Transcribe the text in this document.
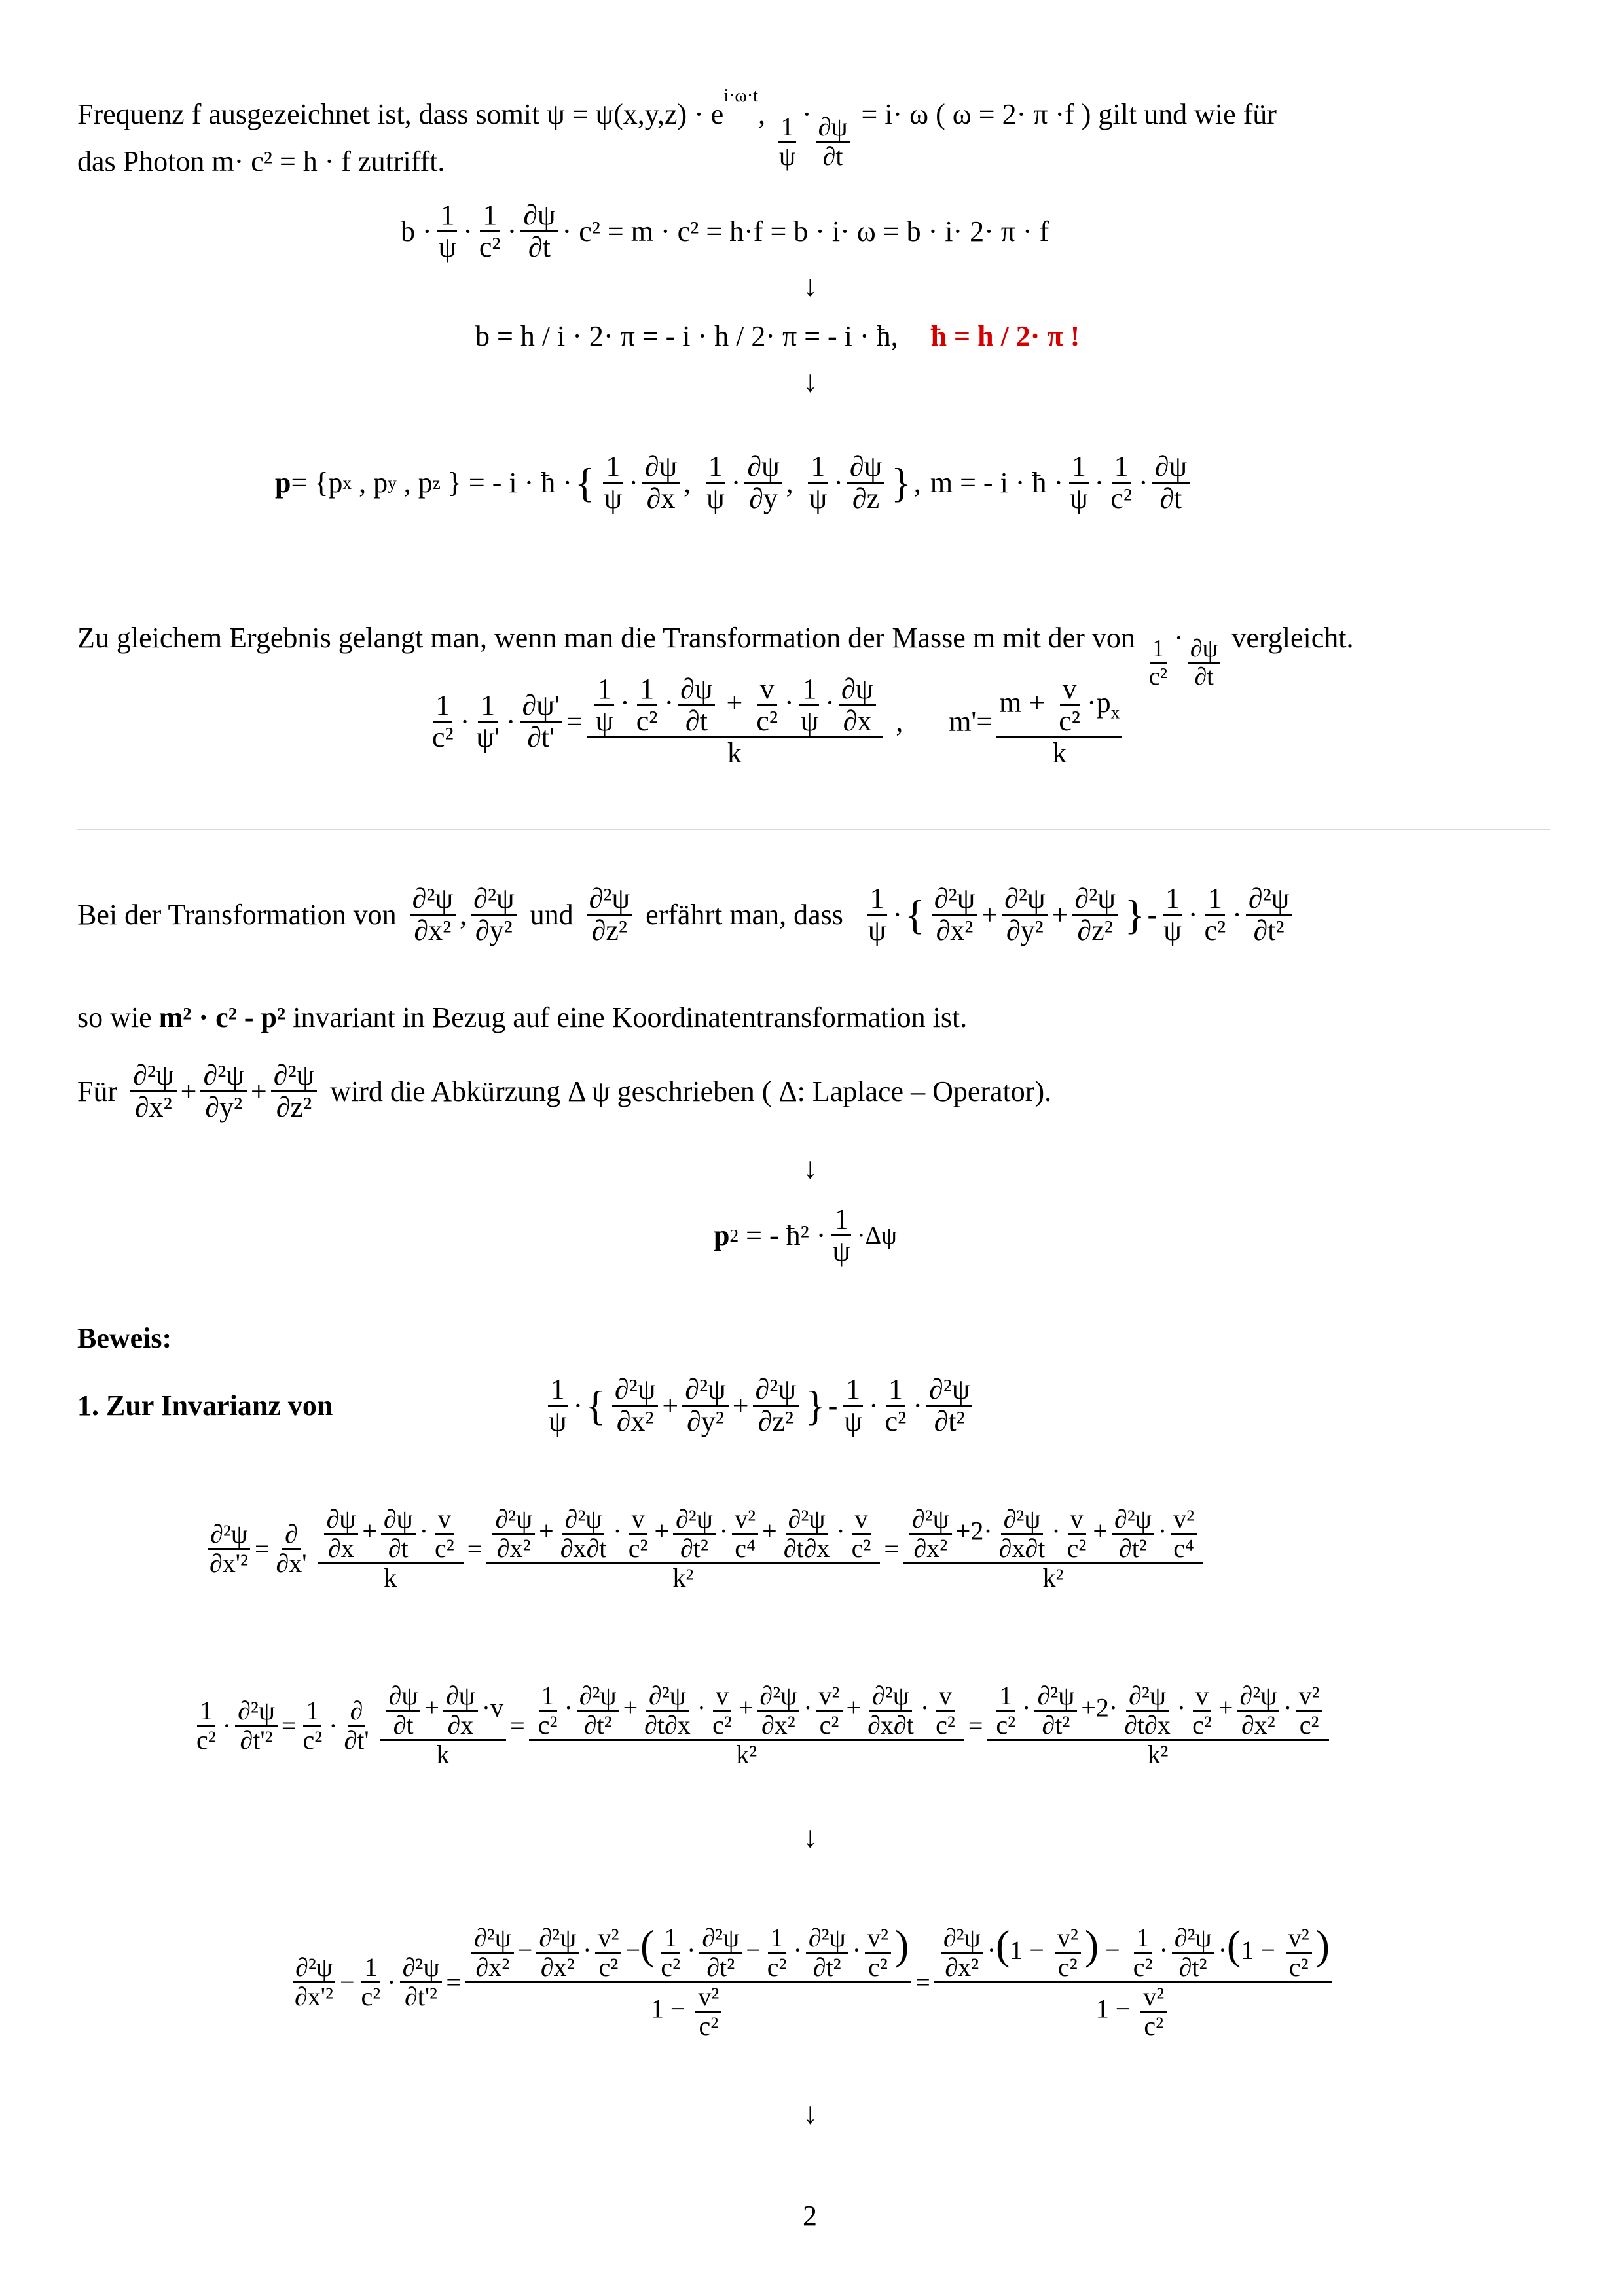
Frequenz f ausgezeichnet ist, dass somit $\psi = \psi(x,y,z) \cdot e^{i\cdot\omega\cdot t}$, $\frac{1}{\psi} \cdot \frac{\partial\psi}{\partial t} = i\cdot \omega$ ( ω = 2· π ·f ) gilt und wie für
das Photon m· c² = h · f zutrifft.
$b \cdot \frac{1}{\psi} \cdot \frac{1}{\text{c²}} \cdot \frac{\partial\psi}{\partial t} \cdot c^2 = m \cdot c^2 = h\cdot f = b \cdot i\cdot \omega = b \cdot i\cdot 2\cdot \pi \cdot f$
↓
b = h / i · 2· π = - i · h / 2· π = - i · ħ, ħ = h / 2· π !
↓
p = {p x , p y , p z
} = - i · ħ · { $\frac{1}{\psi} \cdot \frac{\partial\psi}{\partial x}$ , $\frac{1}{\psi} \cdot \frac{\partial\psi}{\partial y}$ , $\frac{1}{\psi} \cdot \frac{\partial\psi}{\partial z}$ } , m = - i · ħ · $\frac{1}{\psi} \cdot \frac{1}{\text{c²}} \cdot \frac{\partial\psi}{\partial t}$
Zu gleichem Ergebnis gelangt man, wenn man die Transformation der Masse m mit der von $\frac{1}{\text{c²}} \cdot \frac{\partial\psi}{\partial t}$ vergleicht.
$\frac{1}{\text{c²}} \cdot \frac{1}{\psi'} \cdot \frac{\partial\psi'}{\partial t'} = \frac{\frac{1}{\psi} \cdot \frac{1}{\text{c²}} \cdot \frac{\partial\psi}{\partial t} + \frac{v}{\text{c²}} \cdot \frac{1}{\psi} \cdot \frac{\partial\psi}{\partial x}}{k}$ , $m'= \frac{m + \frac{v}{\text{c²}} \cdot p_x}{k}$
Bei der Transformation von $\frac{\text{∂²ψ}}{\text{∂x²}}$ , $\frac{\text{∂²ψ}}{\text{∂y²}}$ und $\frac{\text{∂²ψ}}{\text{∂z²}}$ erfährt man, dass $\frac{1}{\psi}$ · { $\frac{\text{∂²ψ}}{\text{∂x²}} + \frac{\text{∂²ψ}}{\text{∂y²}} + \frac{\text{∂²ψ}}{\text{∂z²}}$ } - $\frac{1}{\psi} \cdot \frac{1}{\text{c²}} \cdot \frac{\text{∂²ψ}}{\text{∂t²}}$
so wie m² · c² - p² invariant in Bezug auf eine Koordinatentransformation ist.
Für $\frac{\text{∂²ψ}}{\text{∂x²}} + \frac{\text{∂²ψ}}{\text{∂y²}} + \frac{\text{∂²ψ}}{\text{∂z²}}$ wird die Abkürzung Δ ψ geschrieben ( Δ: Laplace – Operator).
↓
p 2
= - ħ² · $\frac{1}{\psi} \cdot\Delta\psi$
Beweis:
1. Zur Invarianz von	$\frac{1}{\psi}$ · { $\frac{\text{∂²ψ}}{\text{∂x²}} + \frac{\text{∂²ψ}}{\text{∂y²}} + \frac{\text{∂²ψ}}{\text{∂z²}}$ } - $\frac{1}{\psi} \cdot \frac{1}{\text{c²}} \cdot \frac{\text{∂²ψ}}{\text{∂t²}}$
$\frac{\text{∂²ψ}}{\text{∂x'²}} = \frac{\partial}{\partial x'} \frac{\frac{\partial\psi}{\partial x} + \frac{\partial\psi}{\partial t} \cdot \frac{v}{\text{c²}}}{k} = \frac{\frac{\text{∂²ψ}}{\text{∂x²}} + \frac{\text{∂²ψ}}{\partial x\partial t} \cdot \frac{v}{\text{c²}} + \frac{\text{∂²ψ}}{\text{∂t²}} \cdot \frac{\text{v²}}{\text{c⁴}} + \frac{\text{∂²ψ}}{\partial t\partial x} \cdot \frac{v}{\text{c²}}}{\text{k²}} = \frac{\frac{\text{∂²ψ}}{\text{∂x²}} +2\cdot \frac{\text{∂²ψ}}{\partial x\partial t} \cdot \frac{v}{\text{c²}} + \frac{\text{∂²ψ}}{\text{∂t²}} \cdot \frac{\text{v²}}{\text{c⁴}}}{\text{k²}}$
$\frac{1}{\text{c²}} \cdot \frac{\text{∂²ψ}}{\text{∂t'²}} = \frac{1}{\text{c²}} \cdot \frac{\partial}{\partial t'} \frac{\frac{\partial\psi}{\partial t} + \frac{\partial\psi}{\partial x} \cdot v}{k} = \frac{\frac{1}{\text{c²}} \cdot \frac{\text{∂²ψ}}{\text{∂t²}} + \frac{\text{∂²ψ}}{\partial t\partial x} \cdot \frac{v}{\text{c²}} + \frac{\text{∂²ψ}}{\text{∂x²}} \cdot \frac{\text{v²}}{\text{c²}} + \frac{\text{∂²ψ}}{\partial x\partial t} \cdot \frac{v}{\text{c²}}}{\text{k²}} = \frac{\frac{1}{\text{c²}} \cdot \frac{\text{∂²ψ}}{\text{∂t²}} +2\cdot \frac{\text{∂²ψ}}{\partial t\partial x} \cdot \frac{v}{\text{c²}} + \frac{\text{∂²ψ}}{\text{∂x²}} \cdot \frac{\text{v²}}{\text{c²}}}{\text{k²}}$
↓
$\frac{\text{∂²ψ}}{\text{∂x'²}} - \frac{1}{\text{c²}} \cdot \frac{\text{∂²ψ}}{\text{∂t'²}} = \frac{\frac{\text{∂²ψ}}{\text{∂x²}} - \frac{\text{∂²ψ}}{\text{∂x²}} \cdot \frac{\text{v²}}{\text{c²}} -( \frac{1}{\text{c²}} \cdot \frac{\text{∂²ψ}}{\text{∂t²}} - \frac{1}{\text{c²}} \cdot \frac{\text{∂²ψ}}{\text{∂t²}} \cdot \frac{\text{v²}}{\text{c²}} )}{1 - \frac{\text{v²}}{\text{c²}}} = \frac{\frac{\text{∂²ψ}}{\text{∂x²}} \cdot(1 - \frac{\text{v²}}{\text{c²}} ) - \frac{1}{\text{c²}} \cdot \frac{\text{∂²ψ}}{\text{∂t²}} \cdot(1 - \frac{\text{v²}}{\text{c²}} )}{1 - \frac{\text{v²}}{\text{c²}}}$
↓
2
